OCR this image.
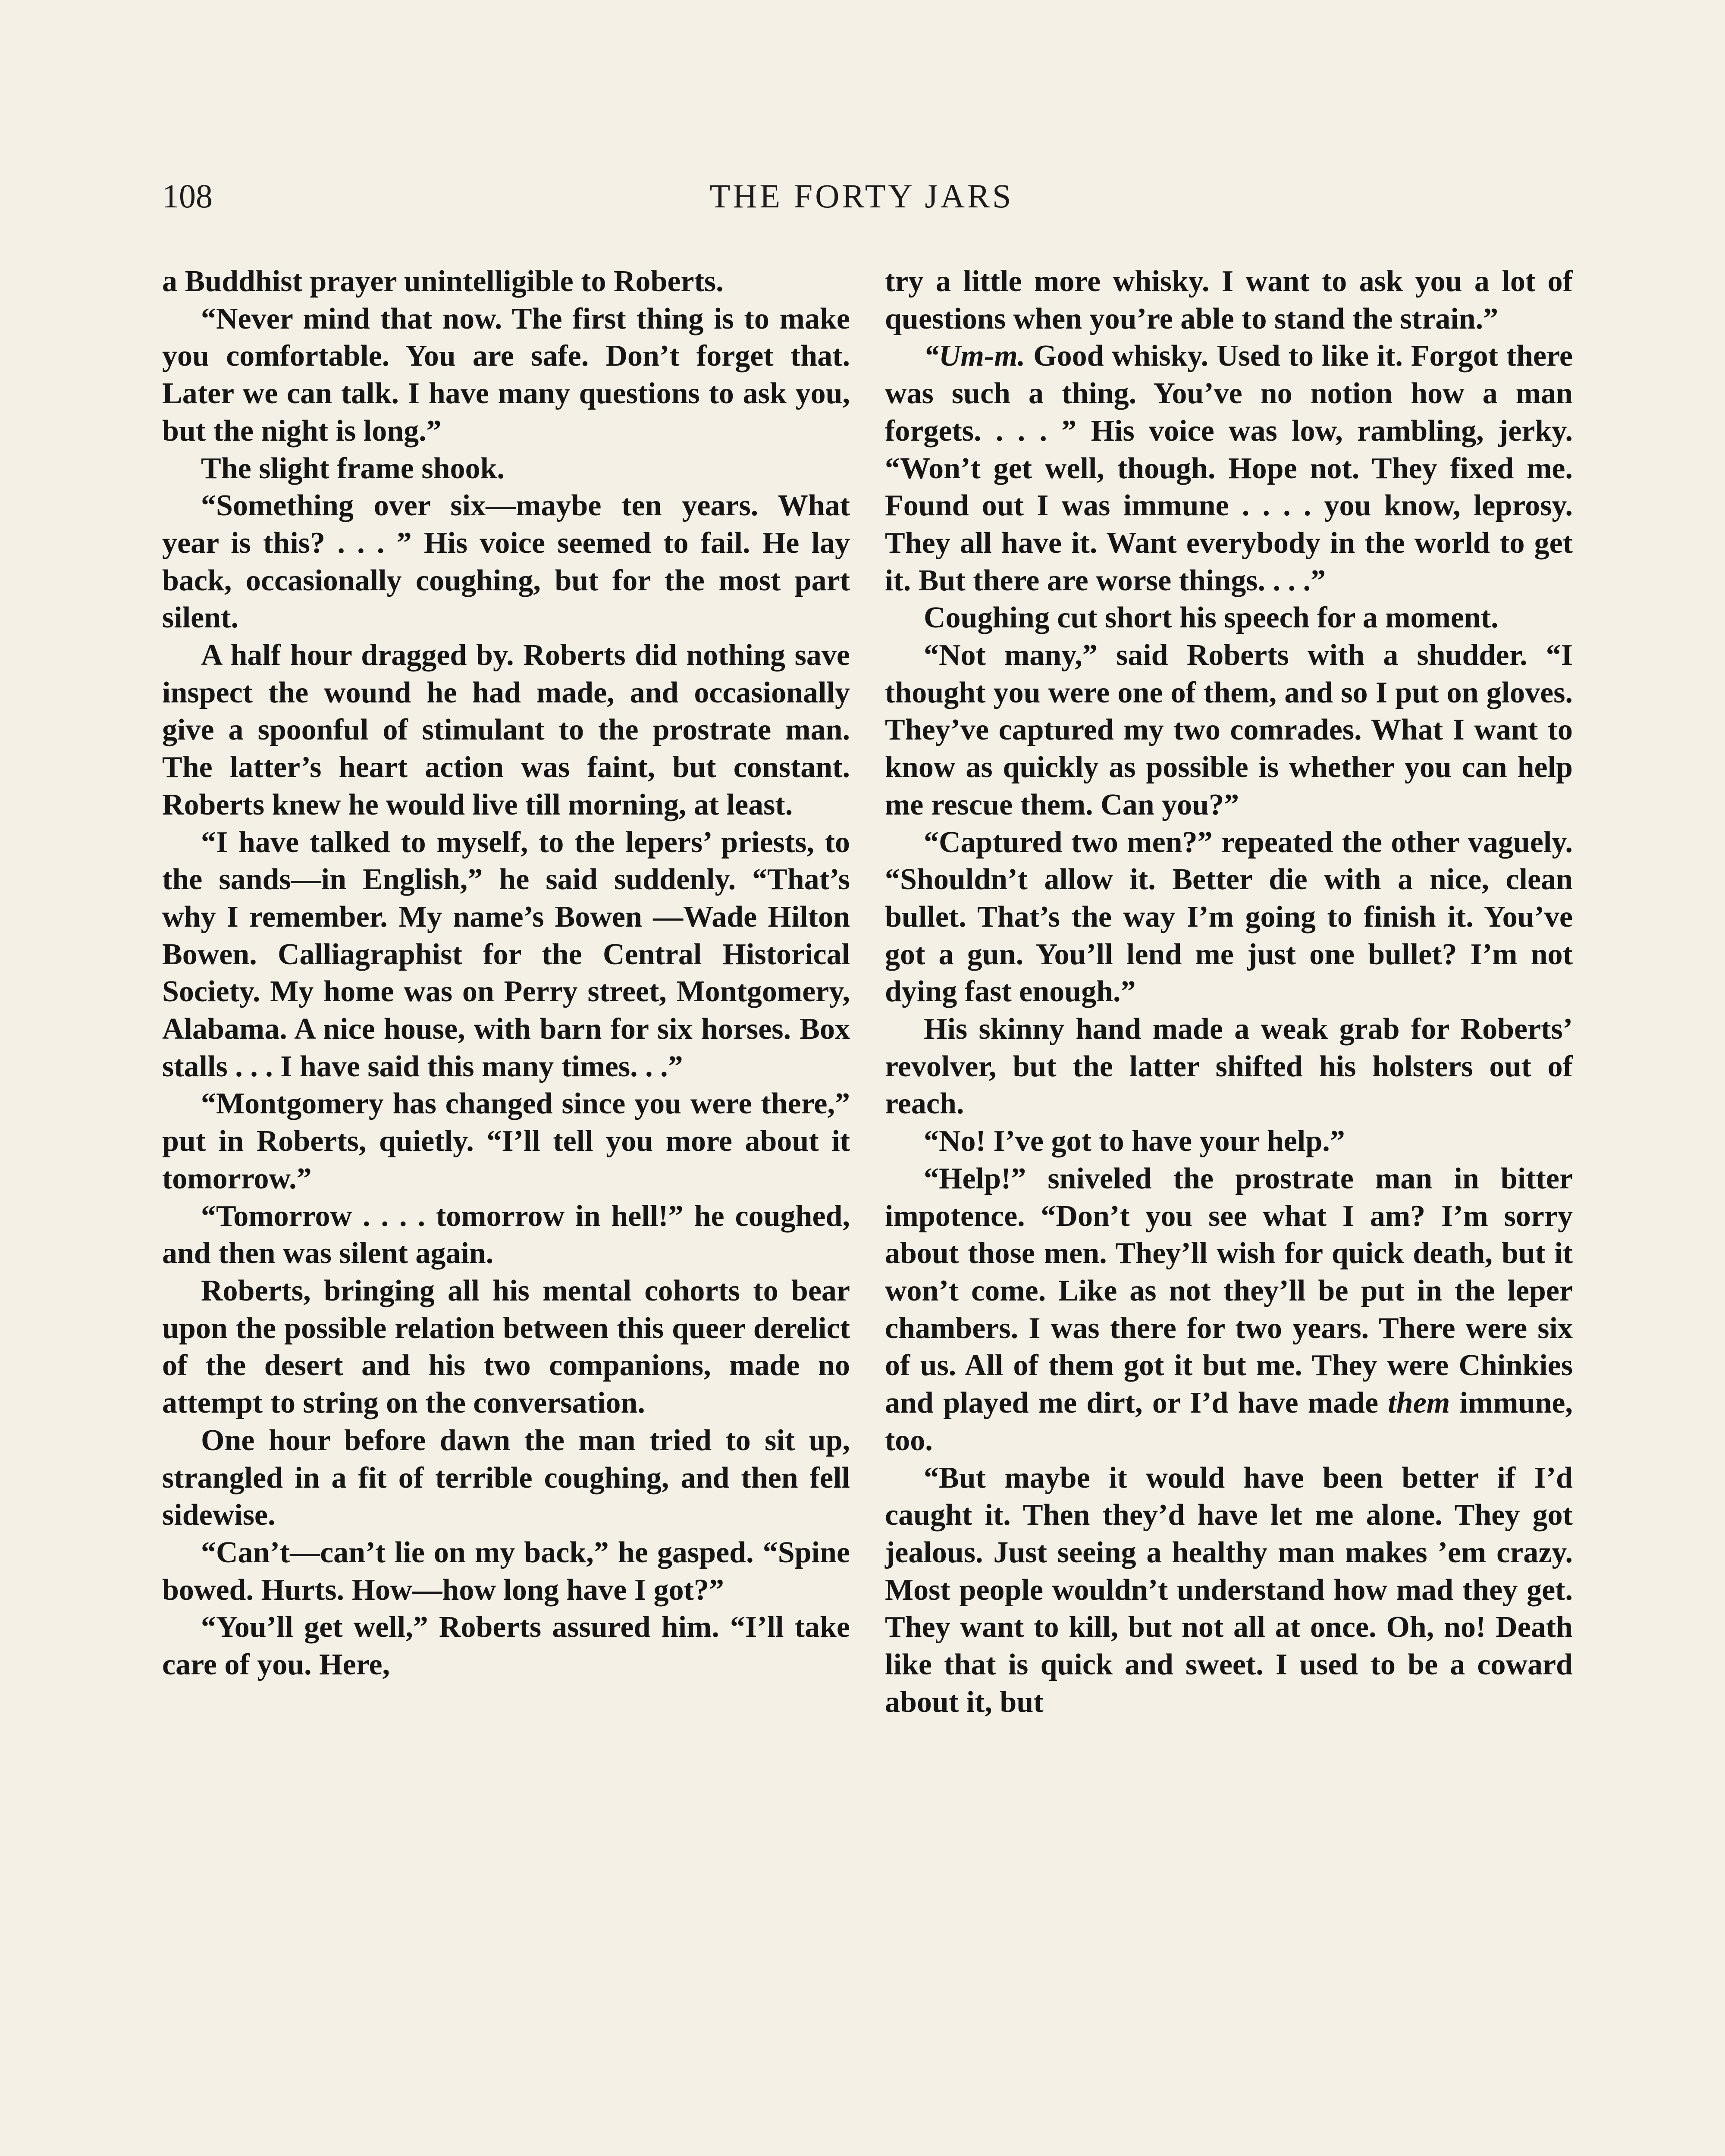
108	THE FORTY JARS

a Buddhist prayer unintelligible to Roberts.

“Never mind that now. The first thing is to make you comfortable. You are safe. Don’t forget that. Later we can talk. I have many questions to ask you, but the night is long.”

The slight frame shook.

“Something over six—maybe ten years. What year is this? . . . ” His voice seemed to fail. He lay back, occasionally coughing, but for the most part silent.

A half hour dragged by. Roberts did nothing save inspect the wound he had made, and occasionally give a spoonful of stimulant to the prostrate man. The latter’s heart action was faint, but constant. Roberts knew he would live till morning, at least.

“I have talked to myself, to the lepers’ priests, to the sands—in English,” he said suddenly. “That’s why I remember. My name’s Bowen —Wade Hilton Bowen. Calliagraphist for the Central Historical Society. My home was on Perry street, Montgomery, Alabama. A nice house, with barn for six horses. Box stalls . . . I have said this many times. . .”

“Montgomery has changed since you were there,” put in Roberts, quietly. “I’ll tell you more about it tomorrow.”

“Tomorrow . . . . tomorrow in hell!” he coughed, and then was silent again.

Roberts, bringing all his mental cohorts to bear upon the possible relation between this queer derelict of the desert and his two companions, made no attempt to string on the conversation.

One hour before dawn the man tried to sit up, strangled in a fit of terrible coughing, and then fell sidewise.

“Can’t—can’t lie on my back,” he gasped. “Spine bowed. Hurts. How—how long have I got?”

“You’ll get well,” Roberts assured him. “I’ll take care of you. Here,

try a little more whisky. I want to ask you a lot of questions when you’re able to stand the strain.”

“Um-m. Good whisky. Used to like it. Forgot there was such a thing. You’ve no notion how a man forgets. . . . ” His voice was low, rambling, jerky. “Won’t get well, though. Hope not. They fixed me. Found out I was immune . . . . you know, leprosy. They all have it. Want everybody in the world to get it. But there are worse things. . . .”

Coughing cut short his speech for a moment.

“Not many,” said Roberts with a shudder. “I thought you were one of them, and so I put on gloves. They’ve captured my two comrades. What I want to know as quickly as possible is whether you can help me rescue them. Can you?”

“Captured two men?” repeated the other vaguely. “Shouldn’t allow it. Better die with a nice, clean bullet. That’s the way I’m going to finish it. You’ve got a gun. You’ll lend me just one bullet? I’m not dying fast enough.”

His skinny hand made a weak grab for Roberts’ revolver, but the latter shifted his holsters out of reach.

“No! I’ve got to have your help.”

“Help!” sniveled the prostrate man in bitter impotence. “Don’t you see what I am? I’m sorry about those men. They’ll wish for quick death, but it won’t come. Like as not they’ll be put in the leper chambers. I was there for two years. There were six of us. All of them got it but me. They were Chinkies and played me dirt, or I’d have made them immune, too.

“But maybe it would have been better if I’d caught it. Then they’d have let me alone. They got jealous. Just seeing a healthy man makes ’em crazy. Most people wouldn’t understand how mad they get. They want to kill, but not all at once. Oh, no! Death like that is quick and sweet. I used to be a coward about it, but
